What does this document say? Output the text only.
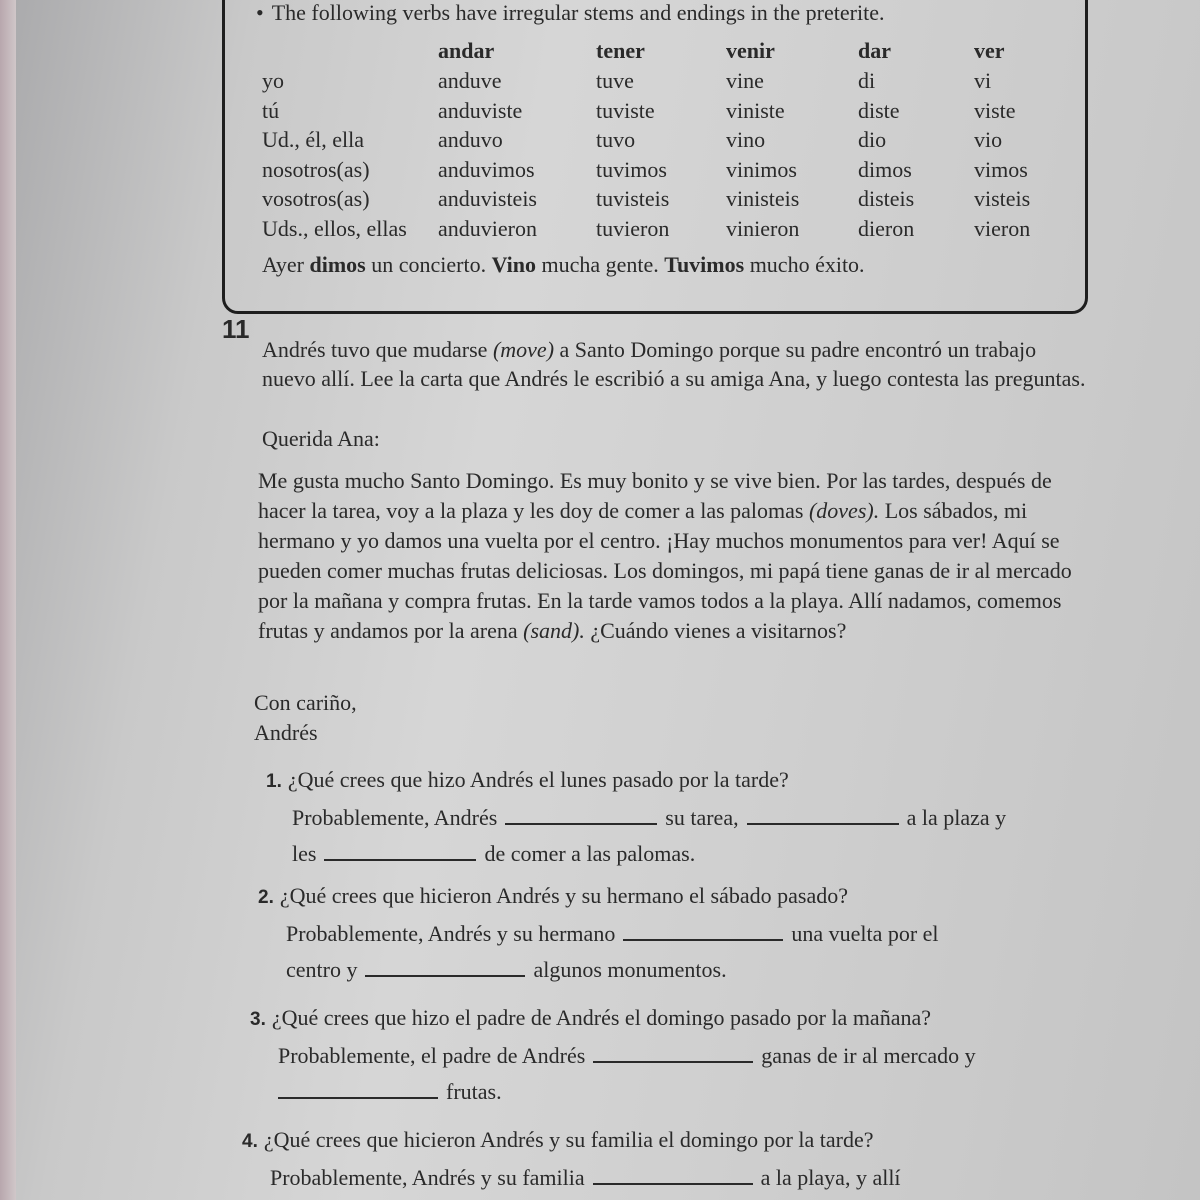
• The following verbs have irregular stems and endings in the preterite.
	andar	tener	venir	dar	ver
yo	anduve	tuve	vine	di	vi
tú	anduviste	tuviste	viniste	diste	viste
Ud., él, ella	anduvo	tuvo	vino	dio	vio
nosotros(as)	anduvimos	tuvimos	vinimos	dimos	vimos
vosotros(as)	anduvisteis	tuvisteis	vinisteis	disteis	visteis
Uds., ellos, ellas	anduvieron	tuvieron	vinieron	dieron	vieron
Ayer dimos un concierto. Vino mucha gente. Tuvimos mucho éxito.
11

Andrés tuvo que mudarse (move) a Santo Domingo porque su padre encontró un trabajo nuevo allí. Lee la carta que Andrés le escribió a su amiga Ana, y luego contesta las preguntas.

Querida Ana:

Me gusta mucho Santo Domingo. Es muy bonito y se vive bien. Por las tardes, después de hacer la tarea, voy a la plaza y les doy de comer a las palomas (doves). Los sábados, mi hermano y yo damos una vuelta por el centro. ¡Hay muchos monumentos para ver! Aquí se pueden comer muchas frutas deliciosas. Los domingos, mi papá tiene ganas de ir al mercado por la mañana y compra frutas. En la tarde vamos todos a la playa. Allí nadamos, comemos frutas y andamos por la arena (sand). ¿Cuándo vienes a visitarnos?

Con cariño,
Andrés
1. ¿Qué crees que hizo Andrés el lunes pasado por la tarde?
Probablemente, Andrés	su tarea,	a la plaza y
les	de comer a las palomas.
2. ¿Qué crees que hicieron Andrés y su hermano el sábado pasado?
Probablemente, Andrés y su hermano	una vuelta por el
centro y	algunos monumentos.
3. ¿Qué crees que hizo el padre de Andrés el domingo pasado por la mañana?
Probablemente, el padre de Andrés	ganas de ir al mercado y
frutas.
4. ¿Qué crees que hicieron Andrés y su familia el domingo por la tarde?
Probablemente, Andrés y su familia	a la playa, y allí
